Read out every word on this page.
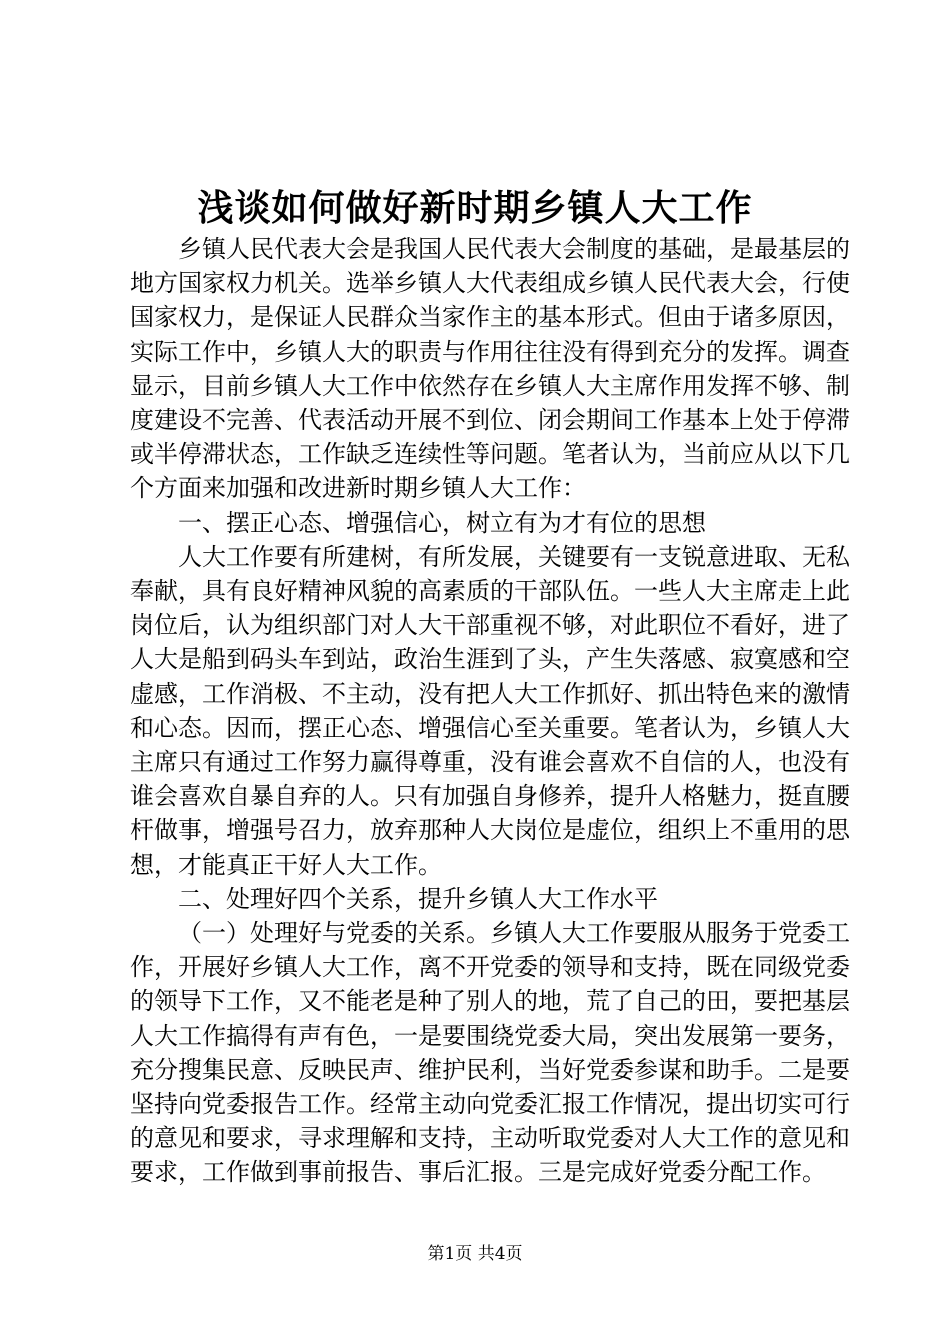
浅谈如何做好新时期乡镇人大工作

乡镇人民代表大会是我国人民代表大会制度的基础，是最基层的地方国家权力机关。选举乡镇人大代表组成乡镇人民代表大会，行使国家权力，是保证人民群众当家作主的基本形式。但由于诸多原因，实际工作中，乡镇人大的职责与作用往往没有得到充分的发挥。调查显示，目前乡镇人大工作中依然存在乡镇人大主席作用发挥不够、制度建设不完善、代表活动开展不到位、闭会期间工作基本上处于停滞或半停滞状态，工作缺乏连续性等问题。笔者认为，当前应从以下几个方面来加强和改进新时期乡镇人大工作：

一、摆正心态、增强信心，树立有为才有位的思想

人大工作要有所建树，有所发展，关键要有一支锐意进取、无私奉献，具有良好精神风貌的高素质的干部队伍。一些人大主席走上此岗位后，认为组织部门对人大干部重视不够，对此职位不看好，进了人大是船到码头车到站，政治生涯到了头，产生失落感、寂寞感和空虚感，工作消极、不主动，没有把人大工作抓好、抓出特色来的激情和心态。因而，摆正心态、增强信心至关重要。笔者认为，乡镇人大主席只有通过工作努力赢得尊重，没有谁会喜欢不自信的人，也没有谁会喜欢自暴自弃的人。只有加强自身修养，提升人格魅力，挺直腰杆做事，增强号召力，放弃那种人大岗位是虚位，组织上不重用的思想，才能真正干好人大工作。

二、处理好四个关系，提升乡镇人大工作水平

（一）处理好与党委的关系。乡镇人大工作要服从服务于党委工作，开展好乡镇人大工作，离不开党委的领导和支持，既在同级党委的领导下工作，又不能老是种了别人的地，荒了自己的田，要把基层人大工作搞得有声有色，一是要围绕党委大局，突出发展第一要务，充分搜集民意、反映民声、维护民利，当好党委参谋和助手。二是要坚持向党委报告工作。经常主动向党委汇报工作情况，提出切实可行的意见和要求，寻求理解和支持，主动听取党委对人大工作的意见和要求，工作做到事前报告、事后汇报。三是完成好党委分配工作。

第1页 共4页
